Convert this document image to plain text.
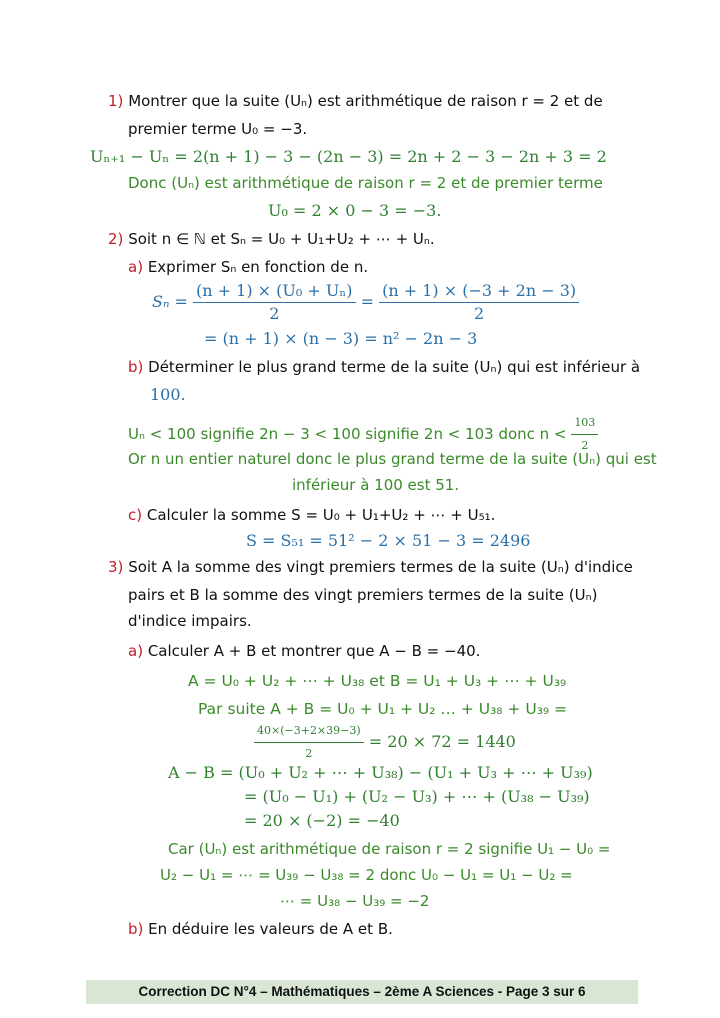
1) Montrer que la suite (Uₙ) est arithmétique de raison r = 2 et de
premier terme U₀ = −3.
Uₙ₊₁ − Uₙ = 2(n + 1) − 3 − (2n − 3) = 2n + 2 − 3 − 2n + 3 = 2
Donc (Uₙ) est arithmétique de raison r = 2 et de premier terme
U₀ = 2 × 0 − 3 = −3.
2) Soit n ∈ ℕ et Sₙ = U₀ + U₁+U₂ + ⋯ + Uₙ.
a) Exprimer Sₙ en fonction de n.
$S_n = \frac{\text{(n + 1) × (U₀ + Uₙ)}}{2} = \frac{(n + 1) \times (-3 + 2n - 3)}{2}$
= (n + 1) × (n − 3) = n² − 2n − 3
b) Déterminer le plus grand terme de la suite (Uₙ) qui est inférieur à
100.
Uₙ < 100 signifie 2n − 3 < 100 signifie 2n < 103 donc $n < \frac{103}{2}$
Or n un entier naturel donc le plus grand terme de la suite (Uₙ) qui est
inférieur à 100 est 51.
c) Calculer la somme S = U₀ + U₁+U₂ + ⋯ + U₅₁.
S = S₅₁ = 51² − 2 × 51 − 3 = 2496
3) Soit A la somme des vingt premiers termes de la suite (Uₙ) d'indice
pairs et B la somme des vingt premiers termes de la suite (Uₙ)
d'indice impairs.
a) Calculer A + B et montrer que A − B = −40.
A = U₀ + U₂ + ⋯ + U₃₈ et B = U₁ + U₃ + ⋯ + U₃₉
Par suite A + B = U₀ + U₁ + U₂ … + U₃₈ + U₃₉ =
$\frac{40\times(-3+2\times 39-3)}{2} = 20 \times 72 = 1440$
A − B = (U₀ + U₂ + ⋯ + U₃₈) − (U₁ + U₃ + ⋯ + U₃₉)
= (U₀ − U₁) + (U₂ − U₃) + ⋯ + (U₃₈ − U₃₉)
= 20 × (−2) = −40
Car (Uₙ) est arithmétique de raison r = 2 signifie U₁ − U₀ =
U₂ − U₁ = ⋯ = U₃₉ − U₃₈ = 2 donc U₀ − U₁ = U₁ − U₂ =
⋯ = U₃₈ − U₃₉ = −2
b) En déduire les valeurs de A et B.
Correction DC N°4 – Mathématiques – 2ème A Sciences - Page 3 sur 6
